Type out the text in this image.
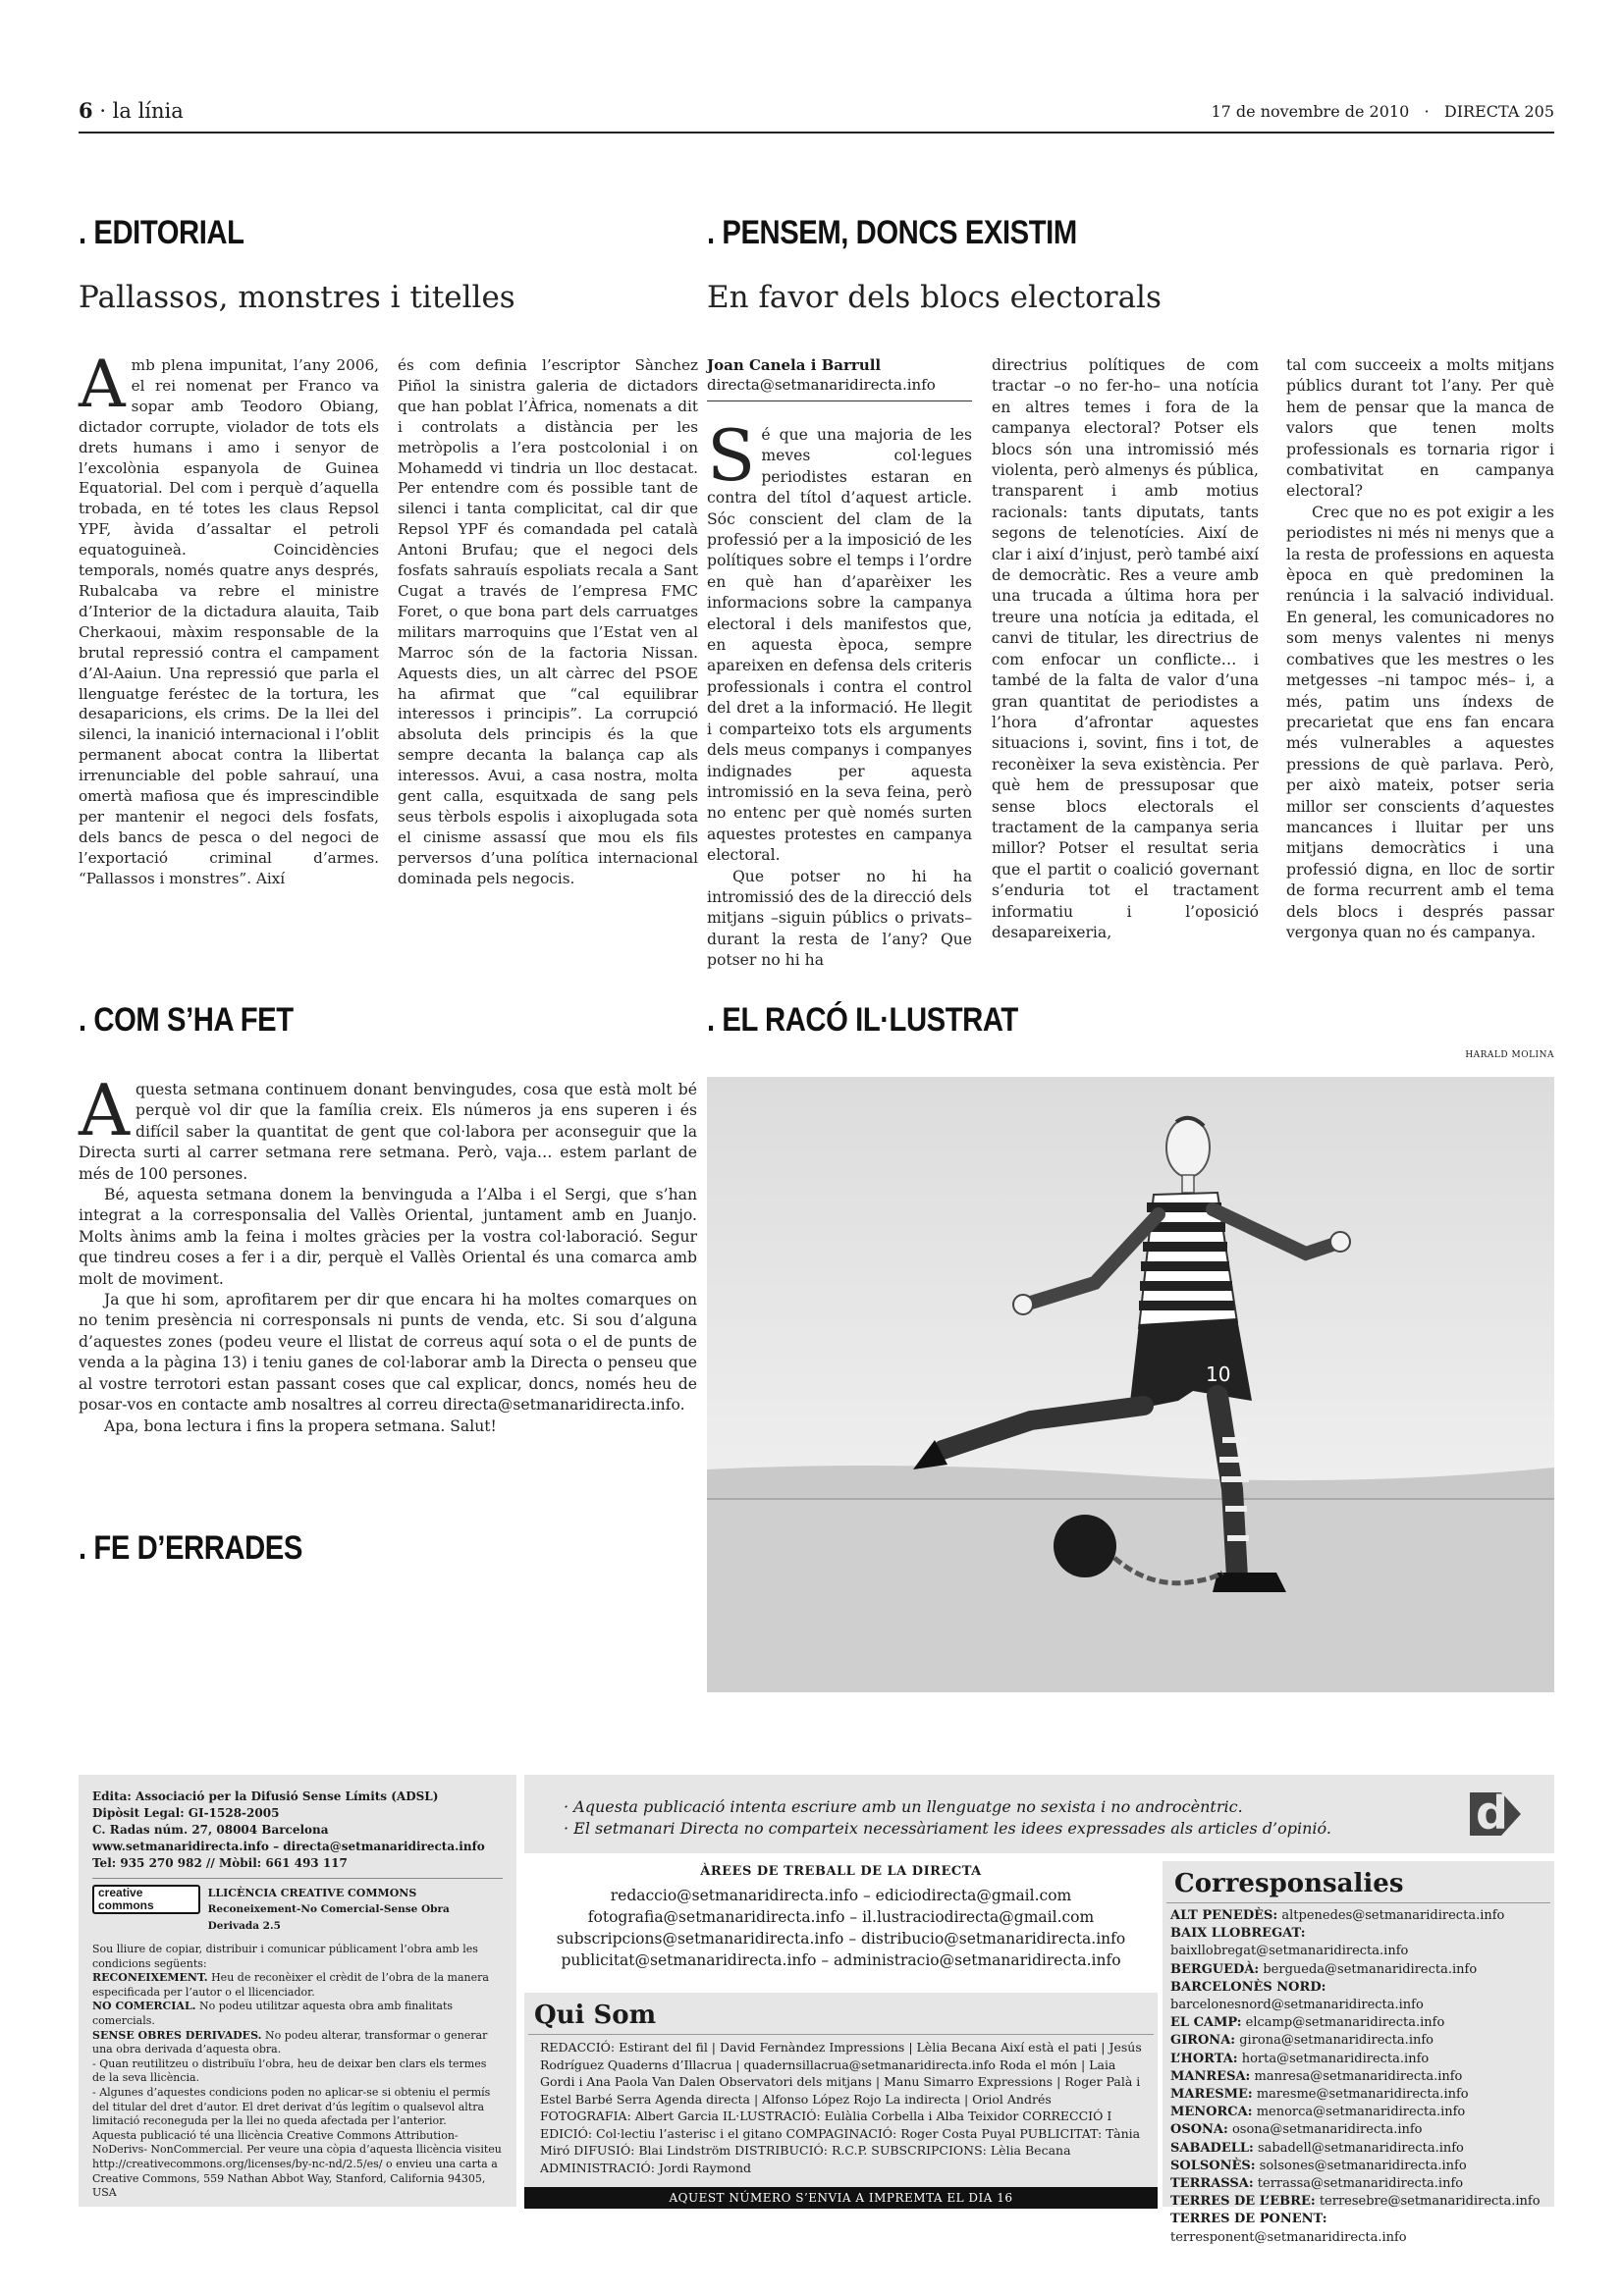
6 · la línia	17 de novembre de 2010 · DIRECTA 205
. EDITORIAL
Pallassos, monstres i titelles

Amb plena impunitat, l’any 2006, el rei nomenat per Franco va sopar amb Teodoro Obiang, dictador corrupte, violador de tots els drets humans i amo i senyor de l’excolònia espanyola de Guinea Equatorial. Del com i perquè d’aquella trobada, en té totes les claus Repsol YPF, àvida d’assaltar el petroli equatoguineà. Coincidències temporals, només quatre anys després, Rubalcaba va rebre el ministre d’Interior de la dictadura alauita, Taib Cherkaoui, màxim responsable de la brutal repressió contra el campament d’Al-Aaiun. Una repressió que parla el llenguatge feréstec de la tortura, les desaparicions, els crims. De la llei del silenci, la inanició internacional i l’oblit permanent abocat contra la llibertat irrenunciable del poble sahrauí, una omertà mafiosa que és imprescindible per mantenir el negoci dels fosfats, dels bancs de pesca o del negoci de l’exportació criminal d’armes. “Pallassos i monstres”. Així

és com definia l’escriptor Sànchez Piñol la sinistra galeria de dictadors que han poblat l’Àfrica, nomenats a dit i controlats a distància per les metròpolis a l’era postcolonial i on Mohamedd vi tindria un lloc destacat. Per entendre com és possible tant de silenci i tanta complicitat, cal dir que Repsol YPF és comandada pel català Antoni Brufau; que el negoci dels fosfats sahrauís espoliats recala a Sant Cugat a través de l’empresa FMC Foret, o que bona part dels carruatges militars marroquins que l’Estat ven al Marroc són de la factoria Nissan. Aquests dies, un alt càrrec del PSOE ha afirmat que “cal equilibrar interessos i principis”. La corrupció absoluta dels principis és la que sempre decanta la balança cap als interessos. Avui, a casa nostra, molta gent calla, esquitxada de sang pels seus tèrbols espolis i aixoplugada sota el cinisme assassí que mou els fils perversos d’una política internacional dominada pels negocis.

. PENSEM, DONCS EXISTIM
En favor dels blocs electorals
Joan Canela i Barrull
directa@setmanaridirecta.info

Sé que una majoria de les meves col·legues periodistes estaran en contra del títol d’aquest article. Sóc conscient del clam de la professió per a la imposició de les polítiques sobre el temps i l’ordre en què han d’aparèixer les informacions sobre la campanya electoral i dels manifestos que, en aquesta època, sempre apareixen en defensa dels criteris professionals i contra el control del dret a la informació. He llegit i comparteixo tots els arguments dels meus companys i companyes indignades per aquesta intromissió en la seva feina, però no entenc per què només surten aquestes protestes en campanya electoral.

Que potser no hi ha intromissió des de la direcció dels mitjans –siguin públics o privats– durant la resta de l’any? Que potser no hi ha

directrius polítiques de com tractar –o no fer-ho– una notícia en altres temes i fora de la campanya electoral? Potser els blocs són una intromissió més violenta, però almenys és pública, transparent i amb motius racionals: tants diputats, tants segons de telenotícies. Així de clar i així d’injust, però també així de democràtic. Res a veure amb una trucada a última hora per treure una notícia ja editada, el canvi de titular, les directrius de com enfocar un conflicte… i també de la falta de valor d’una gran quantitat de periodistes a l’hora d’afrontar aquestes situacions i, sovint, fins i tot, de reconèixer la seva existència. Per què hem de pressuposar que sense blocs electorals el tractament de la campanya seria millor? Potser el resultat seria que el partit o coalició governant s’enduria tot el tractament informatiu i l’oposició desapareixeria,

tal com succeeix a molts mitjans públics durant tot l’any. Per què hem de pensar que la manca de valors que tenen molts professionals es tornaria rigor i combativitat en campanya electoral?

Crec que no es pot exigir a les periodistes ni més ni menys que a la resta de professions en aquesta època en què predominen la renúncia i la salvació individual. En general, les comunicadores no som menys valentes ni menys combatives que les mestres o les metgesses –ni tampoc més– i, a més, patim uns índexs de precarietat que ens fan encara més vulnerables a aquestes pressions de què parlava. Però, per això mateix, potser seria millor ser conscients d’aquestes mancances i lluitar per uns mitjans democràtics i una professió digna, en lloc de sortir de forma recurrent amb el tema dels blocs i després passar vergonya quan no és campanya.

. COM S’HA FET

Aquesta setmana continuem donant benvingudes, cosa que està molt bé perquè vol dir que la família creix. Els números ja ens superen i és difícil saber la quantitat de gent que col·labora per aconseguir que la Directa surti al carrer setmana rere setmana. Però, vaja… estem parlant de més de 100 persones.

Bé, aquesta setmana donem la benvinguda a l’Alba i el Sergi, que s’han integrat a la corresponsalia del Vallès Oriental, juntament amb en Juanjo. Molts ànims amb la feina i moltes gràcies per la vostra col·laboració. Segur que tindreu coses a fer i a dir, perquè el Vallès Oriental és una comarca amb molt de moviment.

Ja que hi som, aprofitarem per dir que encara hi ha moltes comarques on no tenim presència ni corresponsals ni punts de venda, etc. Si sou d’alguna d’aquestes zones (podeu veure el llistat de correus aquí sota o el de punts de venda a la pàgina 13) i teniu ganes de col·laborar amb la Directa o penseu que al vostre terrotori estan passant coses que cal explicar, doncs, només heu de posar-vos en contacte amb nosaltres al correu directa@setmanaridirecta.info.

Apa, bona lectura i fins la propera setmana. Salut!

. FE D’ERRADES
. EL RACÓ IL·LUSTRAT
HARALD MOLINA
10
Edita: Associació per la Difusió Sense Límits (ADSL)
Dipòsit Legal: GI-1528-2005
C. Radas núm. 27, 08004 Barcelona
www.setmanaridirecta.info – directa@setmanaridirecta.info
Tel: 935 270 982 // Mòbil: 661 493 117
creative commons
LLICÈNCIA CREATIVE COMMONS
Reconeixement-No Comercial-Sense Obra Derivada 2.5
Sou lliure de copiar, distribuir i comunicar públicament l’obra amb les condicions següents:
RECONEIXEMENT. Heu de reconèixer el crèdit de l’obra de la manera especificada per l’autor o el llicenciador.
NO COMERCIAL. No podeu utilitzar aquesta obra amb finalitats comercials.
SENSE OBRES DERIVADES. No podeu alterar, transformar o generar una obra derivada d’aquesta obra.
- Quan reutilitzeu o distribuïu l’obra, heu de deixar ben clars els termes de la seva llicència.
- Algunes d’aquestes condicions poden no aplicar-se si obteniu el permís del titular del dret d’autor. El dret derivat d’ús legítim o qualsevol altra limitació reconeguda per la llei no queda afectada per l’anterior.
Aquesta publicació té una llicència Creative Commons Attribution-NoDerivs- NonCommercial. Per veure una còpia d’aquesta llicència visiteu http://creativecommons.org/licenses/by-nc-nd/2.5/es/ o envieu una carta a Creative Commons, 559 Nathan Abbot Way, Stanford, California 94305, USA
· Aquesta publicació intenta escriure amb un llenguatge no sexista i no androcèntric.
· El setmanari Directa no comparteix necessàriament les idees expressades als articles d’opinió.	d
ÀREES DE TREBALL DE LA DIRECTA
redaccio@setmanaridirecta.info – ediciodirecta@gmail.com
fotografia@setmanaridirecta.info – il.lustraciodirecta@gmail.com
subscripcions@setmanaridirecta.info – distribucio@setmanaridirecta.info
publicitat@setmanaridirecta.info – administracio@setmanaridirecta.info
Qui Som
REDACCIÓ: Estirant del fil | David Fernàndez Impressions | Lèlia Becana Així està el pati | Jesús Rodríguez Quaderns d’Illacrua | quadernsillacrua@setmanaridirecta.info Roda el món | Laia Gordi i Ana Paola Van Dalen Observatori dels mitjans | Manu Simarro Expressions | Roger Palà i Estel Barbé Serra Agenda directa | Alfonso López Rojo La indirecta | Oriol Andrés FOTOGRAFIA: Albert Garcia IL·LUSTRACIÓ: Eulàlia Corbella i Alba Teixidor CORRECCIÓ I EDICIÓ: Col·lectiu l’asterisc i el gitano COMPAGINACIÓ: Roger Costa Puyal PUBLICITAT: Tània Miró DIFUSIÓ: Blai Lindström DISTRIBUCIÓ: R.C.P. SUBSCRIPCIONS: Lèlia Becana ADMINISTRACIÓ: Jordi Raymond
AQUEST NÚMERO S’ENVIA A IMPREMTA EL DIA 16
Corresponsalies
ALT PENEDÈS: altpenedes@setmanaridirecta.info
BAIX LLOBREGAT: baixllobregat@setmanaridirecta.info
BERGUEDÀ: bergueda@setmanaridirecta.info
BARCELONÈS NORD: barcelonesnord@setmanaridirecta.info
EL CAMP: elcamp@setmanaridirecta.info
GIRONA: girona@setmanaridirecta.info
L’HORTA: horta@setmanaridirecta.info
MANRESA: manresa@setmanaridirecta.info
MARESME: maresme@setmanaridirecta.info
MENORCA: menorca@setmanaridirecta.info
OSONA: osona@setmanaridirecta.info
SABADELL: sabadell@setmanaridirecta.info
SOLSONÈS: solsones@setmanaridirecta.info
TERRASSA: terrassa@setmanaridirecta.info
TERRES DE L’EBRE: terresebre@setmanaridirecta.info
TERRES DE PONENT: terresponent@setmanaridirecta.info
